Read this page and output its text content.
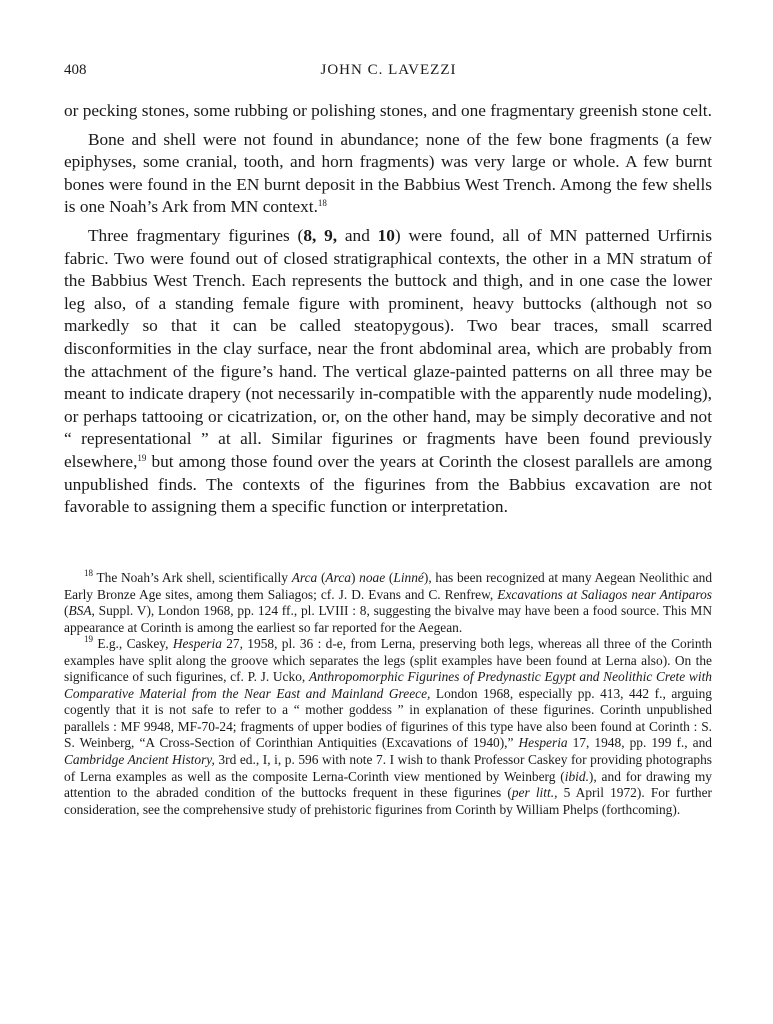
408	JOHN C. LAVEZZI

or pecking stones, some rubbing or polishing stones, and one fragmentary greenish stone celt.

Bone and shell were not found in abundance; none of the few bone fragments (a few epiphyses, some cranial, tooth, and horn fragments) was very large or whole. A few burnt bones were found in the EN burnt deposit in the Babbius West Trench. Among the few shells is one Noah’s Ark from MN context.$^{18}$

Three fragmentary figurines (8, 9, and 10) were found, all of MN patterned Urfirnis fabric. Two were found out of closed stratigraphical contexts, the other in a MN stratum of the Babbius West Trench. Each represents the buttock and thigh, and in one case the lower leg also, of a standing female figure with prominent, heavy buttocks (although not so markedly so that it can be called steatopygous). Two bear traces, small scarred disconformities in the clay surface, near the front abdominal area, which are probably from the attachment of the figure’s hand. The vertical glaze-painted patterns on all three may be meant to indicate drapery (not necessarily in-compatible with the apparently nude modeling), or perhaps tattooing or cicatrization, or, on the other hand, may be simply decorative and not “ representational ” at all. Similar figurines or fragments have been found previously elsewhere,$^{19}$ but among those found over the years at Corinth the closest parallels are among unpublished finds. The contexts of the figurines from the Babbius excavation are not favorable to assigning them a specific function or interpretation.

$^{18}$ The Noah’s Ark shell, scientifically Arca (Arca) noae (Linné), has been recognized at many Aegean Neolithic and Early Bronze Age sites, among them Saliagos; cf. J. D. Evans and C. Renfrew, Excavations at Saliagos near Antiparos (BSA, Suppl. V), London 1968, pp. 124 ff., pl. LVIII : 8, suggesting the bivalve may have been a food source. This MN appearance at Corinth is among the earliest so far reported for the Aegean.

$^{19}$ E.g., Caskey, Hesperia 27, 1958, pl. 36 : d-e, from Lerna, preserving both legs, whereas all three of the Corinth examples have split along the groove which separates the legs (split examples have been found at Lerna also). On the significance of such figurines, cf. P. J. Ucko, Anthropomorphic Figurines of Predynastic Egypt and Neolithic Crete with Comparative Material from the Near East and Mainland Greece, London 1968, especially pp. 413, 442 f., arguing cogently that it is not safe to refer to a “ mother goddess ” in explanation of these figurines. Corinth unpublished parallels : MF 9948, MF-70-24; fragments of upper bodies of figurines of this type have also been found at Corinth : S. S. Weinberg, “A Cross-Section of Corinthian Antiquities (Excavations of 1940),” Hesperia 17, 1948, pp. 199 f., and Cambridge Ancient History, 3rd ed., I, i, p. 596 with note 7. I wish to thank Professor Caskey for providing photographs of Lerna examples as well as the composite Lerna-Corinth view mentioned by Weinberg (ibid.), and for drawing my attention to the abraded condition of the buttocks frequent in these figurines (per litt., 5 April 1972). For further consideration, see the comprehensive study of prehistoric figurines from Corinth by William Phelps (forthcoming).
